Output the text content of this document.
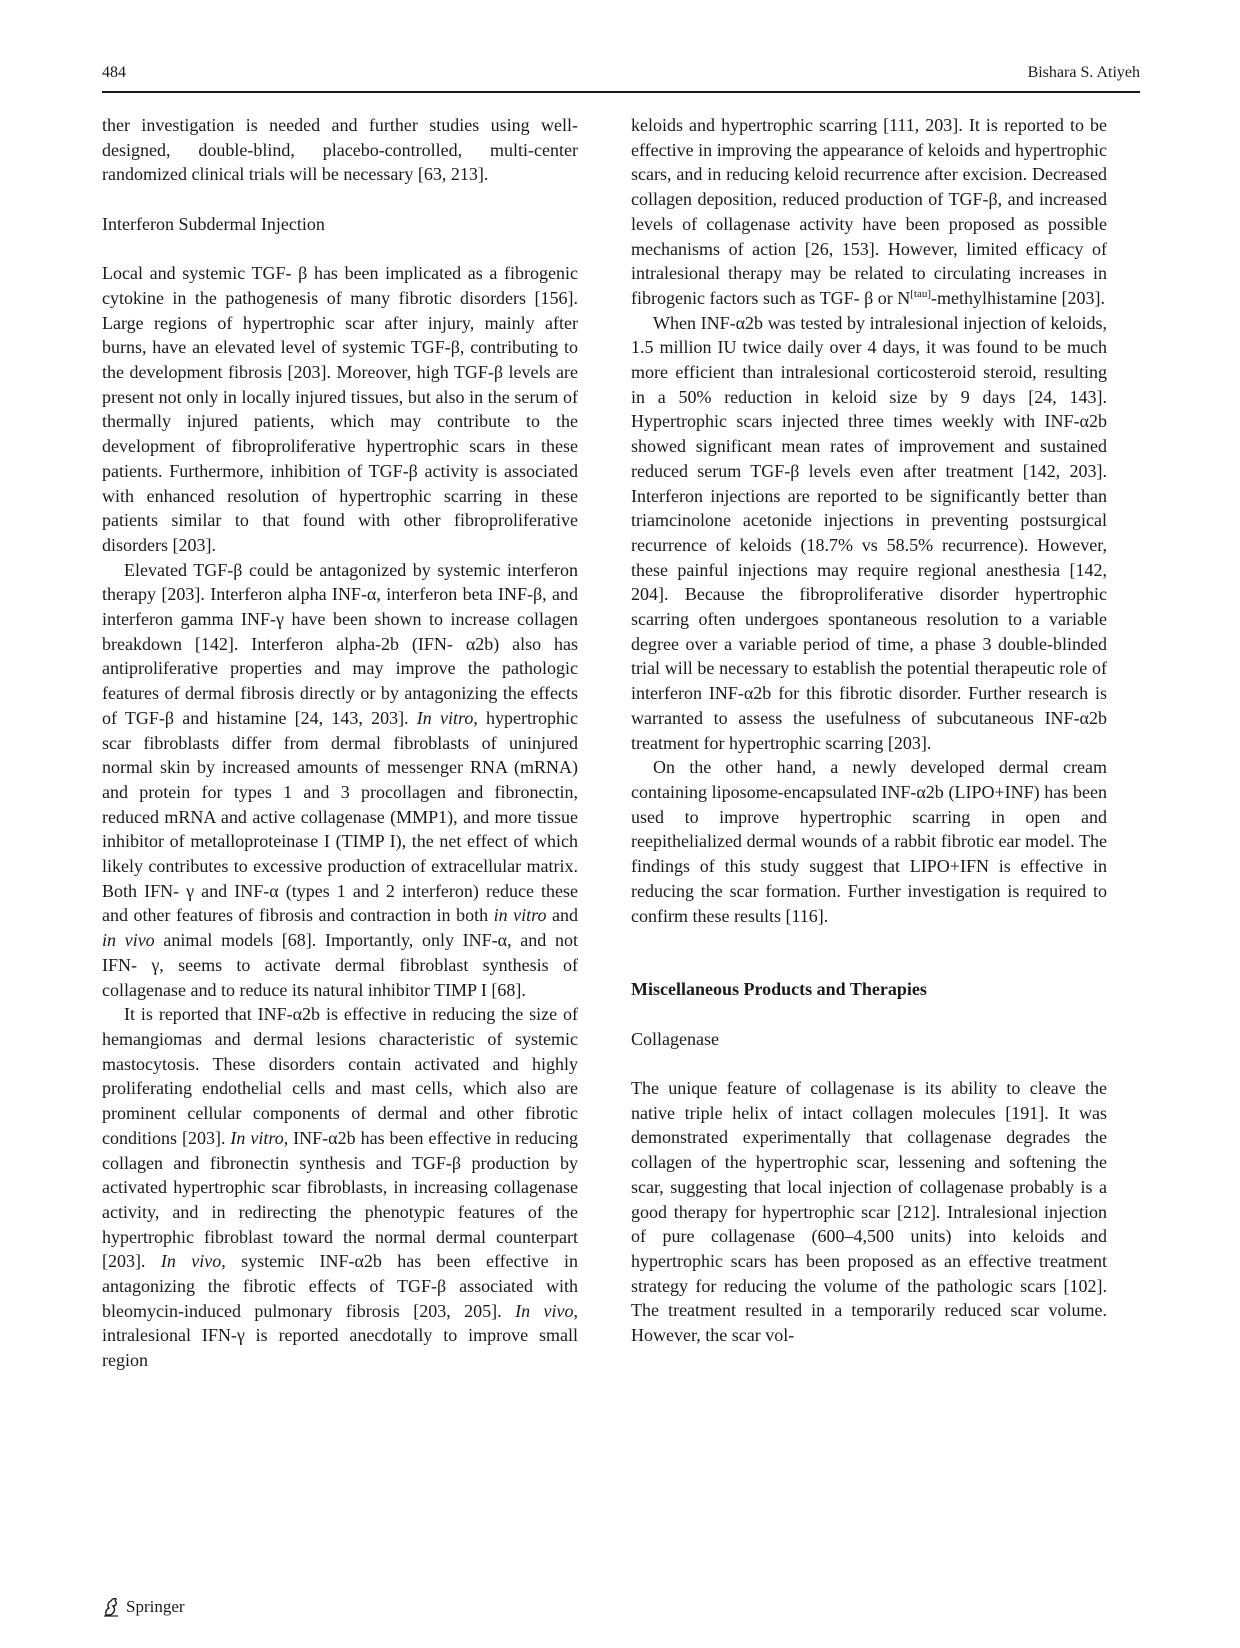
484	Bishara S. Atiyeh

ther investigation is needed and further studies using well-designed, double-blind, placebo-controlled, multi-center randomized clinical trials will be necessary [63, 213].

Interferon Subdermal Injection

Local and systemic TGF- β has been implicated as a fibrogenic cytokine in the pathogenesis of many fibrotic disorders [156]. Large regions of hypertrophic scar after injury, mainly after burns, have an elevated level of systemic TGF-β, contributing to the development fibrosis [203]. Moreover, high TGF-β levels are present not only in locally injured tissues, but also in the serum of thermally injured patients, which may contribute to the development of fibroproliferative hypertrophic scars in these patients. Furthermore, inhibition of TGF-β activity is associated with enhanced resolution of hypertrophic scarring in these patients similar to that found with other fibroproliferative disorders [203].

Elevated TGF-β could be antagonized by systemic interferon therapy [203]. Interferon alpha INF-α, interferon beta INF-β, and interferon gamma INF-γ have been shown to increase collagen breakdown [142]. Interferon alpha-2b (IFN- α2b) also has antiproliferative properties and may improve the pathologic features of dermal fibrosis directly or by antagonizing the effects of TGF-β and histamine [24, 143, 203]. In vitro, hypertrophic scar fibroblasts differ from dermal fibroblasts of uninjured normal skin by increased amounts of messenger RNA (mRNA) and protein for types 1 and 3 procollagen and fibronectin, reduced mRNA and active collagenase (MMP1), and more tissue inhibitor of metalloproteinase I (TIMP I), the net effect of which likely contributes to excessive production of extracellular matrix. Both IFN- γ and INF-α (types 1 and 2 interferon) reduce these and other features of fibrosis and contraction in both in vitro and in vivo animal models [68]. Importantly, only INF-α, and not IFN- γ, seems to activate dermal fibroblast synthesis of collagenase and to reduce its natural inhibitor TIMP I [68].

It is reported that INF-α2b is effective in reducing the size of hemangiomas and dermal lesions characteristic of systemic mastocytosis. These disorders contain activated and highly proliferating endothelial cells and mast cells, which also are prominent cellular components of dermal and other fibrotic conditions [203]. In vitro, INF-α2b has been effective in reducing collagen and fibronectin synthesis and TGF-β production by activated hypertrophic scar fibroblasts, in increasing collagenase activity, and in redirecting the phenotypic features of the hypertrophic fibroblast toward the normal dermal counterpart [203]. In vivo, systemic INF-α2b has been effective in antagonizing the fibrotic effects of TGF-β associated with bleomycin-induced pulmonary fibrosis [203, 205]. In vivo, intralesional IFN-γ is reported anecdotally to improve small region

keloids and hypertrophic scarring [111, 203]. It is reported to be effective in improving the appearance of keloids and hypertrophic scars, and in reducing keloid recurrence after excision. Decreased collagen deposition, reduced production of TGF-β, and increased levels of collagenase activity have been proposed as possible mechanisms of action [26, 153]. However, limited efficacy of intralesional therapy may be related to circulating increases in fibrogenic factors such as TGF- β or N[tau]-methylhistamine [203].

When INF-α2b was tested by intralesional injection of keloids, 1.5 million IU twice daily over 4 days, it was found to be much more efficient than intralesional corticosteroid steroid, resulting in a 50% reduction in keloid size by 9 days [24, 143]. Hypertrophic scars injected three times weekly with INF-α2b showed significant mean rates of improvement and sustained reduced serum TGF-β levels even after treatment [142, 203]. Interferon injections are reported to be significantly better than triamcinolone acetonide injections in preventing postsurgical recurrence of keloids (18.7% vs 58.5% recurrence). However, these painful injections may require regional anesthesia [142, 204]. Because the fibroproliferative disorder hypertrophic scarring often undergoes spontaneous resolution to a variable degree over a variable period of time, a phase 3 double-blinded trial will be necessary to establish the potential therapeutic role of interferon INF-α2b for this fibrotic disorder. Further research is warranted to assess the usefulness of subcutaneous INF-α2b treatment for hypertrophic scarring [203].

On the other hand, a newly developed dermal cream containing liposome-encapsulated INF-α2b (LIPO+INF) has been used to improve hypertrophic scarring in open and reepithelialized dermal wounds of a rabbit fibrotic ear model. The findings of this study suggest that LIPO+IFN is effective in reducing the scar formation. Further investigation is required to confirm these results [116].

Miscellaneous Products and Therapies

Collagenase

The unique feature of collagenase is its ability to cleave the native triple helix of intact collagen molecules [191]. It was demonstrated experimentally that collagenase degrades the collagen of the hypertrophic scar, lessening and softening the scar, suggesting that local injection of collagenase probably is a good therapy for hypertrophic scar [212]. Intralesional injection of pure collagenase (600–4,500 units) into keloids and hypertrophic scars has been proposed as an effective treatment strategy for reducing the volume of the pathologic scars [102]. The treatment resulted in a temporarily reduced scar volume. However, the scar vol-

Springer
